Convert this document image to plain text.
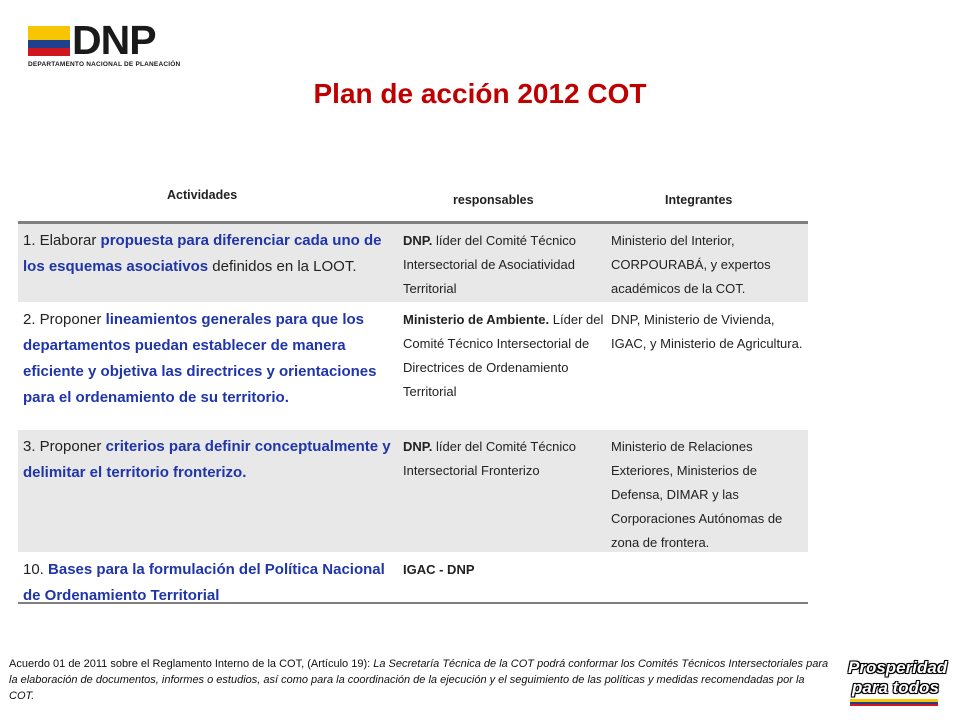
DNP
DEPARTAMENTO NACIONAL DE PLANEACIÓN
Plan de acción 2012 COT
Actividades	responsables	Integrantes
1. Elaborar propuesta para diferenciar cada uno de los esquemas asociativos definidos en la LOOT.
DNP. líder del Comité Técnico Intersectorial de Asociatividad Territorial
Ministerio del Interior, CORPOURABÁ, y expertos académicos de la COT.
2. Proponer lineamientos generales para que los departamentos puedan establecer de manera eficiente y objetiva las directrices y orientaciones para el ordenamiento de su territorio.
Ministerio de Ambiente. Líder del Comité Técnico Intersectorial de Directrices de Ordenamiento Territorial
DNP, Ministerio de Vivienda, IGAC, y Ministerio de Agricultura.
3. Proponer criterios para definir conceptualmente y delimitar el territorio fronterizo.
DNP. líder del Comité Técnico Intersectorial Fronterizo
Ministerio de Relaciones Exteriores, Ministerios de Defensa, DIMAR y las Corporaciones Autónomas de zona de frontera.
10. Bases para la formulación del Política Nacional de Ordenamiento Territorial
IGAC - DNP
Acuerdo 01 de 2011 sobre el Reglamento Interno de la COT, (Artículo 19): La Secretaría Técnica de la COT podrá conformar los Comités Técnicos Intersectoriales para la elaboración de documentos, informes o estudios, así como para la coordinación de la ejecución y el seguimiento de las políticas y medidas recomendadas por la COT.
Prosperidad
para todos
